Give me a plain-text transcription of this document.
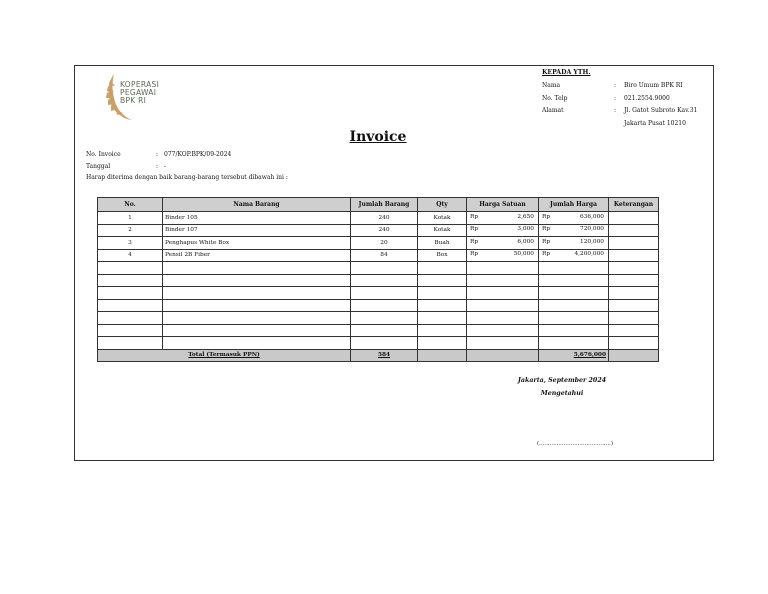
KOPERASI
PEGAWAI
BPK RI
KEPADA YTH.
Nama	: Biro Umum BPK RI
No. Telp	: 021.2554.9000
Alamat	: Jl. Gatot Subroto Kav.31
Jakarta Pusat 10210
Invoice
No. Invoice	: 077/KOP.BPK/09-2024
Tanggal	: -
Harap diterima dengan baik barang-barang tersebut dibawah ini :
No.	Nama Barang	Jumlah Barang	Qty	Harga Satuan	Jumlah Harga	Keterangan
1	Binder 105	240	Kotak	Rp 2,650	Rp 636,000	

2	Binder 107	240	Kotak	Rp 3,000	Rp 720,000	

3	Penghapus White Box	20	Buah	Rp 6,000	Rp 120,000	

4	Pensil 2B Fiber	84	Box	Rp 50,000	Rp 4,200,000	

Total (Termasuk PPN)		584			5,676,000	
Jakarta, September 2024
Mengetahui
(.........................................)
